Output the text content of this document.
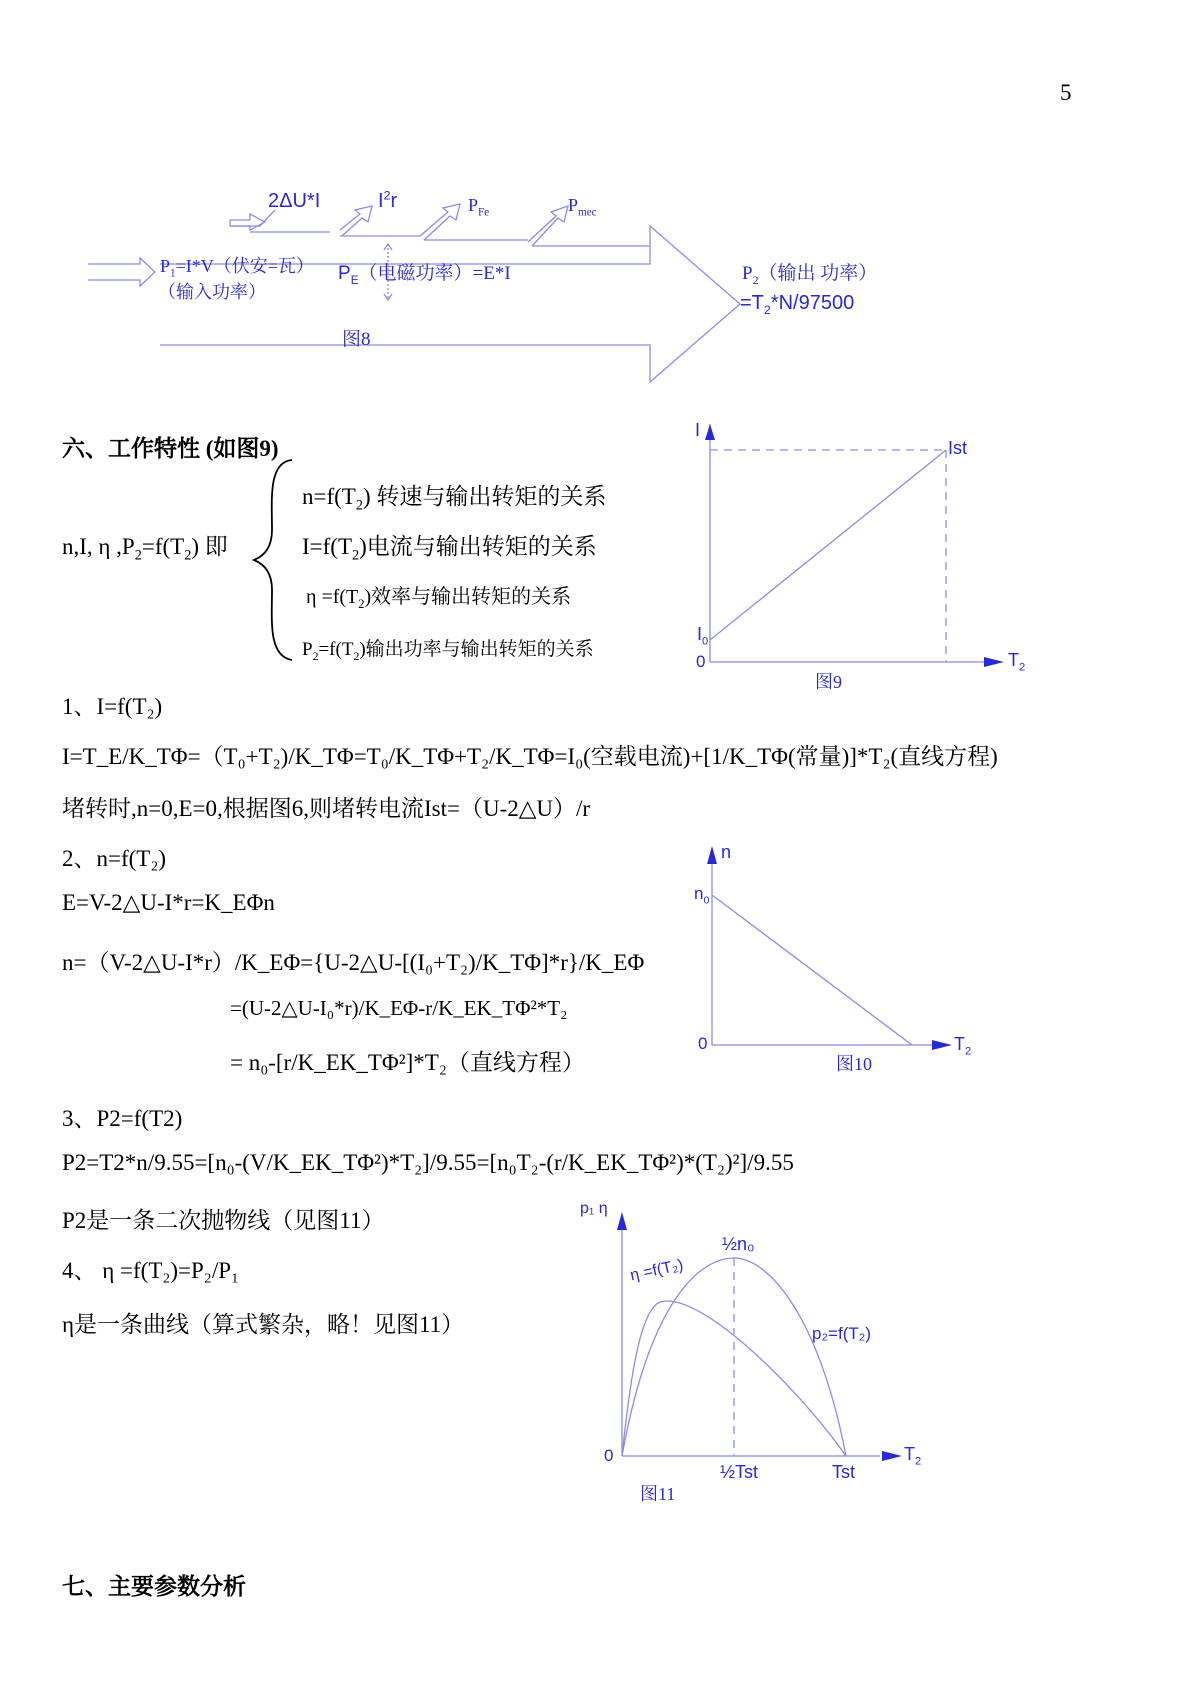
5
2ΔU*I	$I^2r$	$P_{Fe}$	$P_{mec}$
$P_1=I*V$（伏安=瓦）
（输入功率）
$P_E$（电磁功率）=E*I	$P_2$（输出 功率）
$=T_2*N/97500$
图8
六、工作特性 (如图9)
n,I, η $,P_2=f(T_2)$ 即
$n=f(T_2)$ 转速与输出转矩的关系
$I=f(T_2)$电流与输出转矩的关系
$\eta =f(T_2)$效率与输出转矩的关系
$P_2=f(T_2)$输出功率与输出转矩的关系
I
Ist
$I_0$
0	$T_2$
图9
1、I=f(T₂)
I=T_E/K_TΦ=（T₀+T₂)/K_TΦ=T₀/K_TΦ+T₂/K_TΦ=I₀(空载电流)+[1/K_TΦ(常量)]*T₂(直线方程)
堵转时,n=0,E=0,根据图6,则堵转电流Ist=（U-2△U）/r
2、n=f(T₂)
E=V-2△U-I*r=K_EΦn
n=（V-2△U-I*r）/K_EΦ={U-2△U-[(I₀+T₂)/K_TΦ]*r}/K_EΦ
=(U-2△U-I₀*r)/K_EΦ-r/K_EK_TΦ²*T₂
= n₀-[r/K_EK_TΦ²]*T₂（直线方程）
n
$n_0$
0	$T_2$
图10
3、P2=f(T2)
P2=T2*n/9.55=[n₀-(V/K_EK_TΦ²)*T₂]/9.55=[n₀T₂-(r/K_EK_TΦ²)*(T₂)²]/9.55
P2是一条二次抛物线（见图11）
4、 η =f(T₂)=P₂/P₁
η是一条曲线（算式繁杂，略！见图11）
p₁ η
η =f(T₂)
½n₀
p₂=f(T₂)
0
½Tst	Tst
$T_2$
图11
七、主要参数分析
